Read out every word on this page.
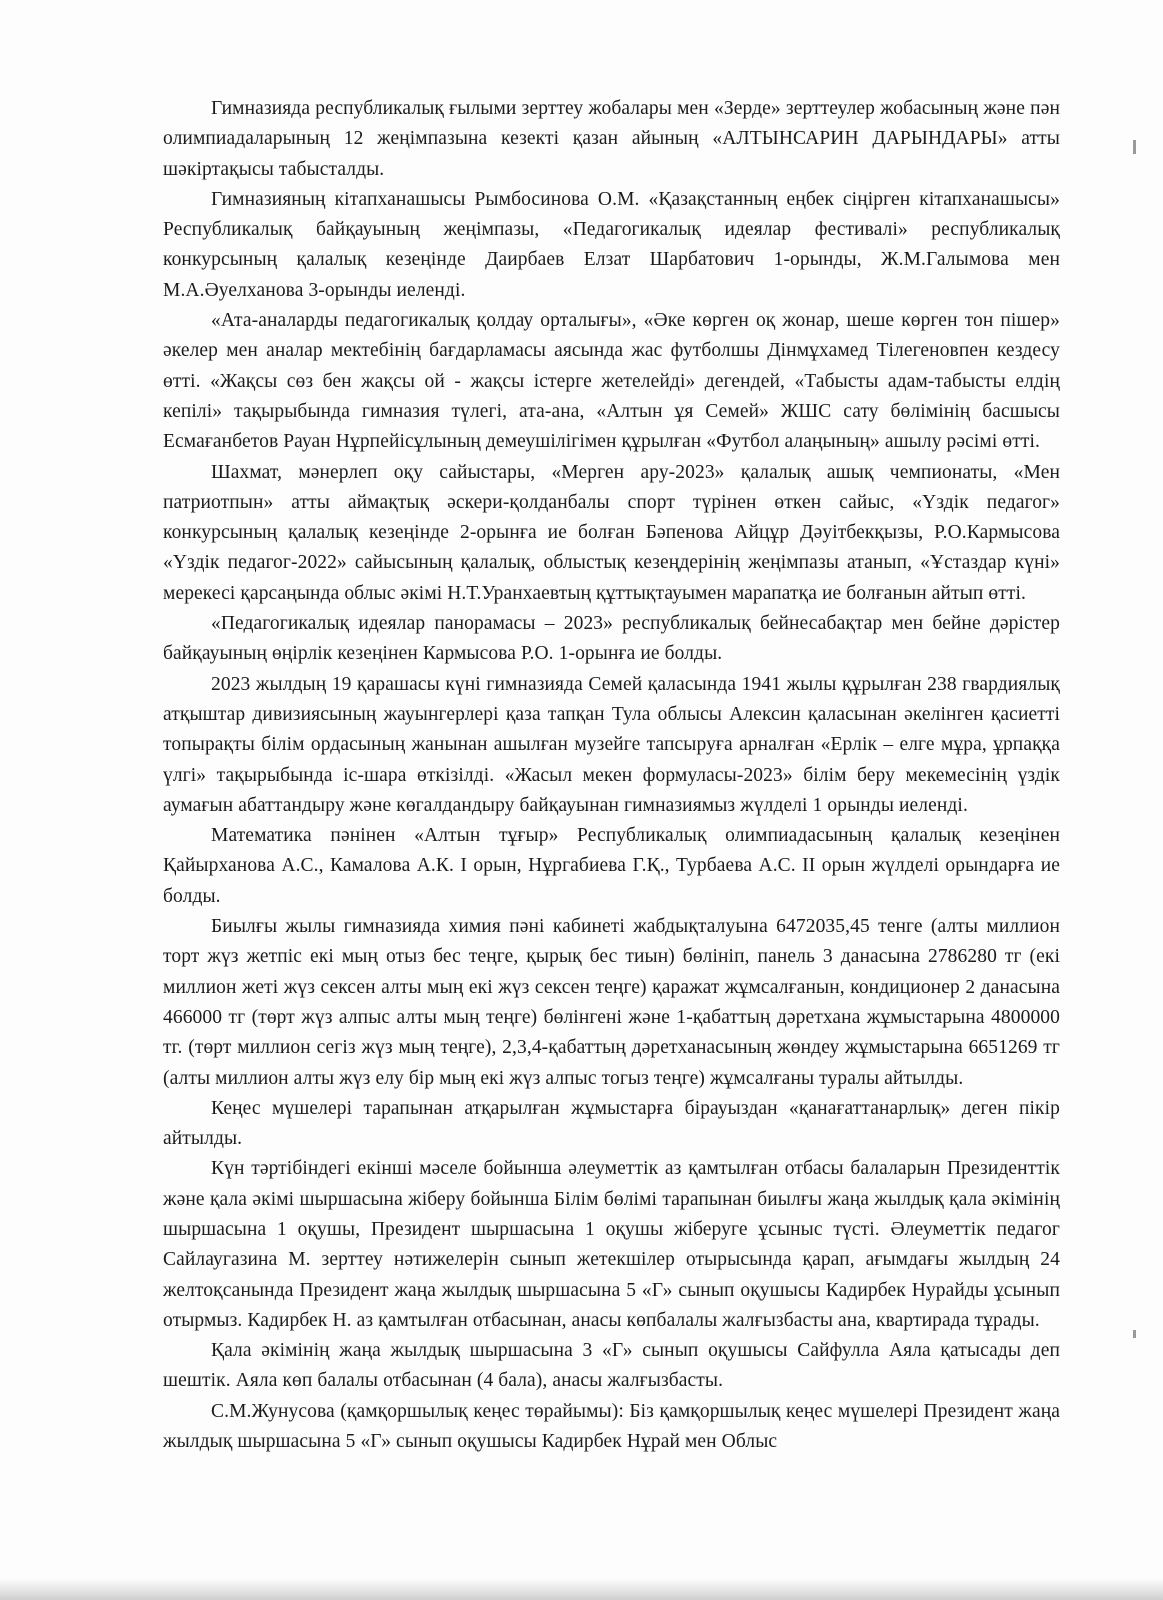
Гимназияда республикалық ғылыми зерттеу жобалары мен «Зерде» зерттеулер жобасының және пән олимпиадаларының 12 жеңімпазына кезекті қазан айының «АЛТЫНСАРИН ДАРЫНДАРЫ» атты шәкіртақысы табысталды.

Гимназияның кітапханашысы Рымбосинова О.М. «Қазақстанның еңбек сіңірген кітапханашысы» Республикалық байқауының жеңімпазы, «Педагогикалық идеялар фестивалі» республикалық конкурсының қалалық кезеңінде Даирбаев Елзат Шарбатович 1-орынды, Ж.М.Галымова мен М.А.Әуелханова 3-орынды иеленді.

«Ата-аналарды педагогикалық қолдау орталығы», «Әке көрген оқ жонар, шеше көрген тон пішер» әкелер мен аналар мектебінің бағдарламасы аясында жас футболшы Дінмұхамед Тілегеновпен кездесу өтті. «Жақсы сөз бен жақсы ой - жақсы істерге жетелейді» дегендей, «Табысты адам-табысты елдің кепілі» тақырыбында гимназия түлегі, ата-ана, «Алтын ұя Семей» ЖШС сату бөлімінің басшысы Есмағанбетов Рауан Нұрпейісұлының демеушілігімен құрылған «Футбол алаңының» ашылу рәсімі өтті.

Шахмат, мәнерлеп оқу сайыстары, «Мерген ару-2023» қалалық ашық чемпионаты, «Мен патриотпын» атты аймақтық әскери-қолданбалы спорт түрінен өткен сайыс, «Үздік педагог» конкурсының қалалық кезеңінде 2-орынға ие болған Бәпенова Айцұр Дәуітбекқызы, Р.О.Кармысова «Үздік педагог-2022» сайысының қалалық, облыстық кезеңдерінің жеңімпазы атанып, «Ұстаздар күні» мерекесі қарсаңында облыс әкімі Н.Т.Уранхаевтың құттықтауымен марапатқа ие болғанын айтып өтті.

«Педагогикалық идеялар панорамасы – 2023» республикалық бейнесабақтар мен бейне дәрістер байқауының өңірлік кезеңінен Кармысова Р.О. 1-орынға ие болды.

2023 жылдың 19 қарашасы күні гимназияда Семей қаласында 1941 жылы құрылған 238 гвардиялық атқыштар дивизиясының жауынгерлері қаза тапқан Тула облысы Алексин қаласынан әкелінген қасиетті топырақты білім ордасының жанынан ашылған музейге тапсыруға арналған «Ерлік – елге мұра, ұрпаққа үлгі» тақырыбында іс-шара өткізілді. «Жасыл мекен формуласы-2023» білім беру мекемесінің үздік аумағын абаттандыру және көгалдандыру байқауынан гимназиямыз жүлделі 1 орынды иеленді.

Математика пәнінен «Алтын тұғыр» Республикалық олимпиадасының қалалық кезеңінен Қайырханова А.С., Камалова А.К. I орын, Нұргабиева Г.Қ., Турбаева А.С. II орын жүлделі орындарға ие болды.

Биылғы жылы гимназияда химия пәні кабинеті жабдықталуына 6472035,45 тенге (алты миллион торт жүз жетпіс екі мың отыз бес теңге, қырық бес тиын) бөлініп, панель 3 данасына 2786280 тг (екі миллион жеті жүз сексен алты мың екі жүз сексен теңге) қаражат жұмсалғанын, кондиционер 2 данасына 466000 тг (төрт жүз алпыс алты мың теңге) бөлінгені және 1-қабаттың дәретхана жұмыстарына 4800000 тг. (төрт миллион сегіз жүз мың теңге), 2,3,4-қабаттың дәретханасының жөндеу жұмыстарына 6651269 тг (алты миллион алты жүз елу бір мың екі жүз алпыс тогыз теңге) жұмсалғаны туралы айтылды.

Кеңес мүшелері тарапынан атқарылған жұмыстарға бірауыздан «қанағаттанарлық» деген пікір айтылды.

Күн тәртібіндегі екінші мәселе бойынша әлеуметтік аз қамтылған отбасы балаларын Президенттік және қала әкімі шыршасына жіберу бойынша Білім бөлімі тарапынан биылғы жаңа жылдық қала әкімінің шыршасына 1 оқушы, Президент шыршасына 1 оқушы жіберуге ұсыныс түсті. Әлеуметтік педагог Сайлаугазина М. зерттеу нәтижелерін сынып жетекшілер отырысында қарап, ағымдағы жылдың 24 желтоқсанында Президент жаңа жылдық шыршасына 5 «Г» сынып оқушысы Кадирбек Нурайды ұсынып отырмыз. Кадирбек Н. аз қамтылған отбасынан, анасы көпбалалы жалғызбасты ана, квартирада тұрады.

Қала әкімінің жаңа жылдық шыршасына 3 «Г» сынып оқушысы Сайфулла Аяла қатысады деп шештік. Аяла көп балалы отбасынан (4 бала), анасы жалғызбасты.

С.М.Жунусова (қамқоршылық кеңес төрайымы): Біз қамқоршылық кеңес мүшелері Президент жаңа жылдық шыршасына 5 «Г» сынып оқушысы Кадирбек Нұрай мен Облыс
